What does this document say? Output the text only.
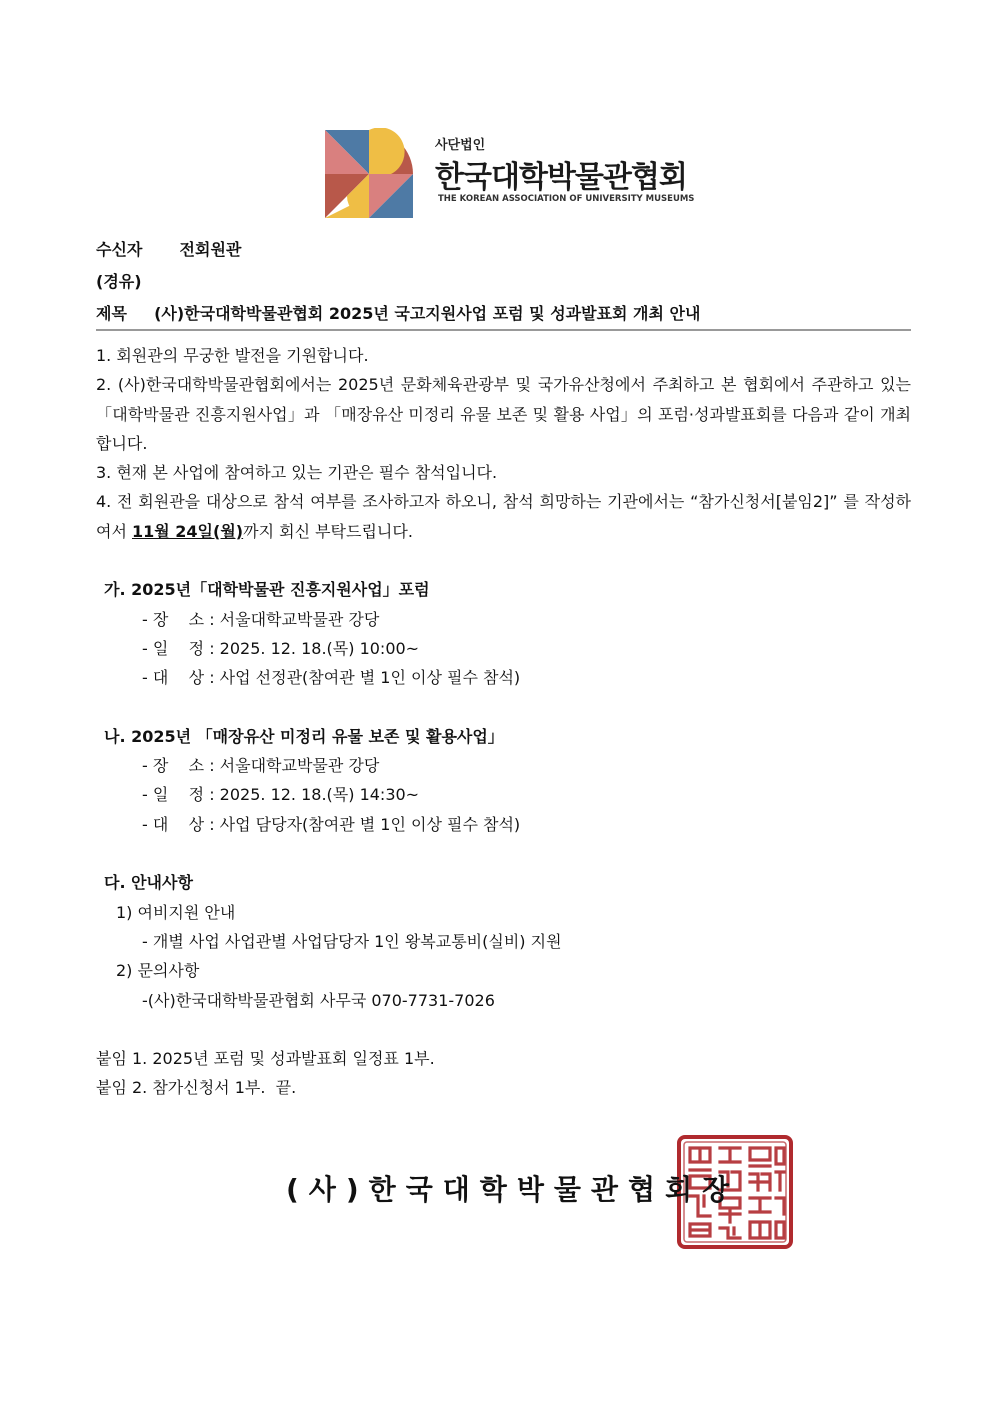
사단법인
한국대학박물관협회
THE KOREAN ASSOCIATION OF UNIVERSITY MUSEUMS
수신자 전회원관
(경유)
제목 (사)한국대학박물관협회 2025년 국고지원사업 포럼 및 성과발표회 개최 안내

1. 회원관의 무궁한 발전을 기원합니다.

2. (사)한국대학박물관협회에서는 2025년 문화체육관광부 및 국가유산청에서 주최하고 본 협회에서 주관하고 있는「대학박물관 진흥지원사업」과 「매장유산 미정리 유물 보존 및 활용 사업」의 포럼·성과발표회를 다음과 같이 개최합니다.

3. 현재 본 사업에 참여하고 있는 기관은 필수 참석입니다.

4. 전 회원관을 대상으로 참석 여부를 조사하고자 하오니, 참석 희망하는 기관에서는 “참가신청서[붙임2]” 를 작성하여서 11월 24일(월)까지 회신 부탁드립니다.

가. 2025년「대학박물관 진흥지원사업」포럼

- 장    소 : 서울대학교박물관 강당

- 일    정 : 2025. 12. 18.(목) 10:00~

- 대    상 : 사업 선정관(참여관 별 1인 이상 필수 참석)

나. 2025년 「매장유산 미정리 유물 보존 및 활용사업」

- 장    소 : 서울대학교박물관 강당

- 일    정 : 2025. 12. 18.(목) 14:30~

- 대    상 : 사업 담당자(참여관 별 1인 이상 필수 참석)

다. 안내사항

1) 여비지원 안내

- 개별 사업 사업관별 사업담당자 1인 왕복교통비(실비) 지원

2) 문의사항

-(사)한국대학박물관협회 사무국 070-7731-7026

붙임 1. 2025년 포럼 및 성과발표회 일정표 1부.

붙임 2. 참가신청서 1부.  끝.

(사)한국대학박물관협회장
